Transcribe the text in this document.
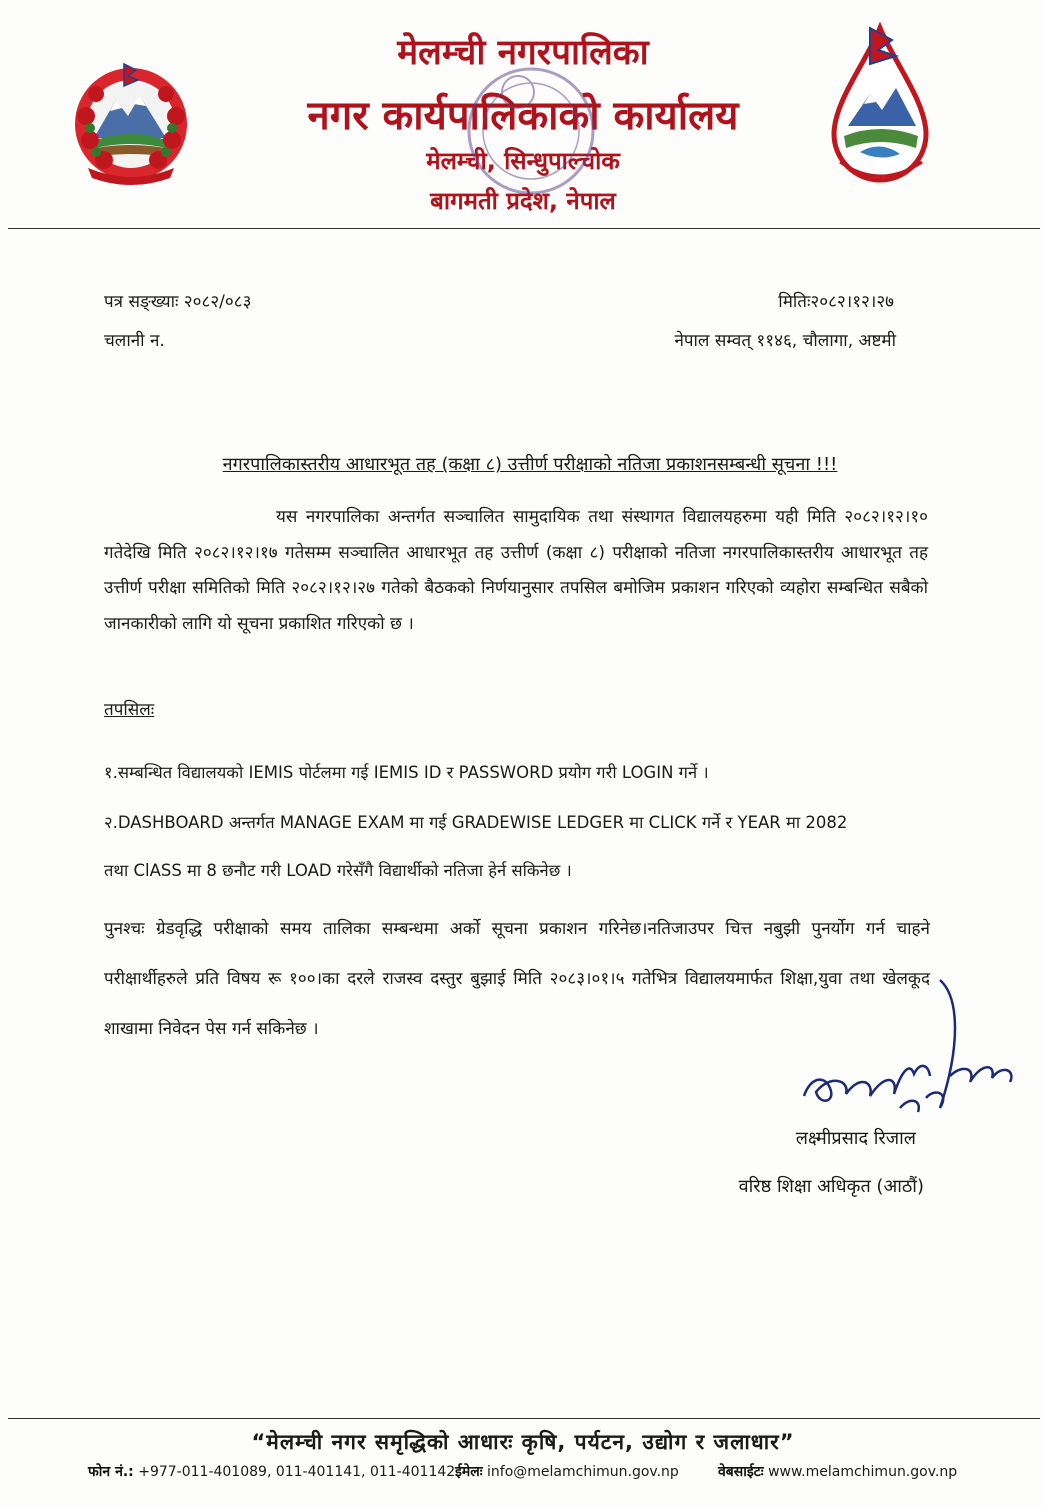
मेलम्ची नगरपालिका
नगर कार्यपालिकाको कार्यालय
मेलम्ची, सिन्धुपाल्चोक
बागमती प्रदेश, नेपाल
पत्र सङ्ख्याः २०८२/०८३
चलानी न.
मितिः२०८२।१२।२७
नेपाल सम्वत् ११४६, चौलागा, अष्टमी
नगरपालिकास्तरीय आधारभूत तह (कक्षा ८) उत्तीर्ण परीक्षाको नतिजा प्रकाशनसम्बन्धी सूचना !!!
यस नगरपालिका अन्तर्गत सञ्चालित सामुदायिक तथा संस्थागत विद्यालयहरुमा यही मिति २०८२।१२।१० गतेदेखि मिति २०८२।१२।१७ गतेसम्म सञ्चालित आधारभूत तह उत्तीर्ण (कक्षा ८) परीक्षाको नतिजा नगरपालिकास्तरीय आधारभूत तह उत्तीर्ण परीक्षा समितिको मिति २०८२।१२।२७ गतेको बैठकको निर्णयानुसार तपसिल बमोजिम प्रकाशन गरिएको व्यहोरा सम्बन्धित सबैको जानकारीको लागि यो सूचना प्रकाशित गरिएको छ ।
तपसिलः
१.सम्बन्धित विद्यालयको IEMIS पोर्टलमा गई IEMIS ID र PASSWORD प्रयोग गरी LOGIN गर्ने ।
२.DASHBOARD अन्तर्गत MANAGE EXAM मा गई GRADEWISE LEDGER मा CLICK गर्ने र YEAR मा 2082
तथा ClASS मा 8 छनौट गरी LOAD गरेसँगै विद्यार्थीको नतिजा हेर्न सकिनेछ ।
पुनश्चः ग्रेडवृद्धि परीक्षाको समय तालिका सम्बन्धमा अर्को सूचना प्रकाशन गरिनेछ।नतिजाउपर चित्त नबुझी पुनर्योग गर्न चाहने परीक्षार्थीहरुले प्रति विषय रू १००।का दरले राजस्व दस्तुर बुझाई मिति २०८३।०१।५ गतेभित्र विद्यालयमार्फत शिक्षा,युवा तथा खेलकूद शाखामा निवेदन पेस गर्न सकिनेछ ।
लक्ष्मीप्रसाद रिजाल
वरिष्ठ शिक्षा अधिकृत (आठौं)
“मेलम्ची नगर समृद्धिको आधारः कृषि, पर्यटन, उद्योग र जलाधार”
फोन नं.: +977-011-401089, 011-401141, 011-401142 ईमेलः info@melamchimun.gov.np	वेबसाईटः www.melamchimun.gov.np
